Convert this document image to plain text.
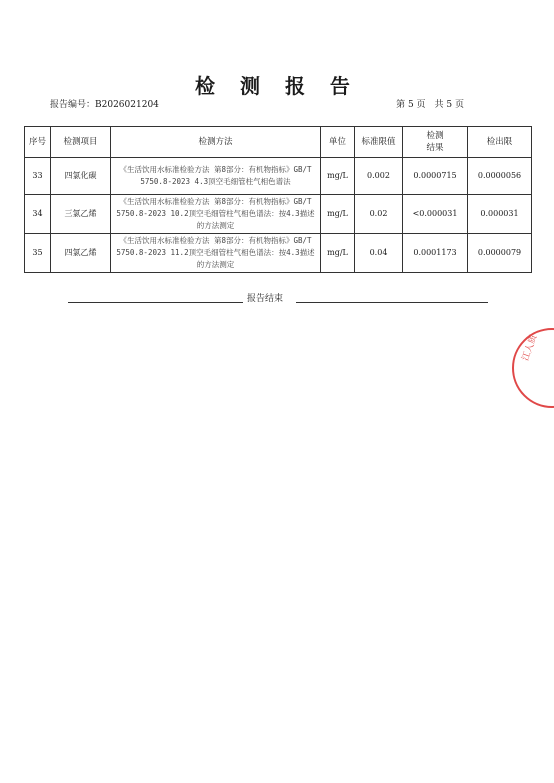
检 测 报 告
报告编号：B2026021204	第 5 页　共 5 页
序号	检测项目	检测方法	单位	标准限值	检测
结果	检出限
33	四氯化碳	《生活饮用水标准检验方法 第8部分：有机物指标》GB/T 5750.8-2023 4.3顶空毛细管柱气相色谱法	mg/L	0.002	0.0000715	0.0000056
34	三氯乙烯	《生活饮用水标准检验方法 第8部分：有机物指标》GB/T 5750.8-2023 10.2顶空毛细管柱气相色谱法：按4.3描述的方法测定	mg/L	0.02	<0.000031	0.000031
35	四氯乙烯	《生活饮用水标准检验方法 第8部分：有机物指标》GB/T 5750.8-2023 11.2顶空毛细管柱气相色谱法：按4.3描述的方法测定	mg/L	0.04	0.0001173	0.0000079
报告结束
江人质
